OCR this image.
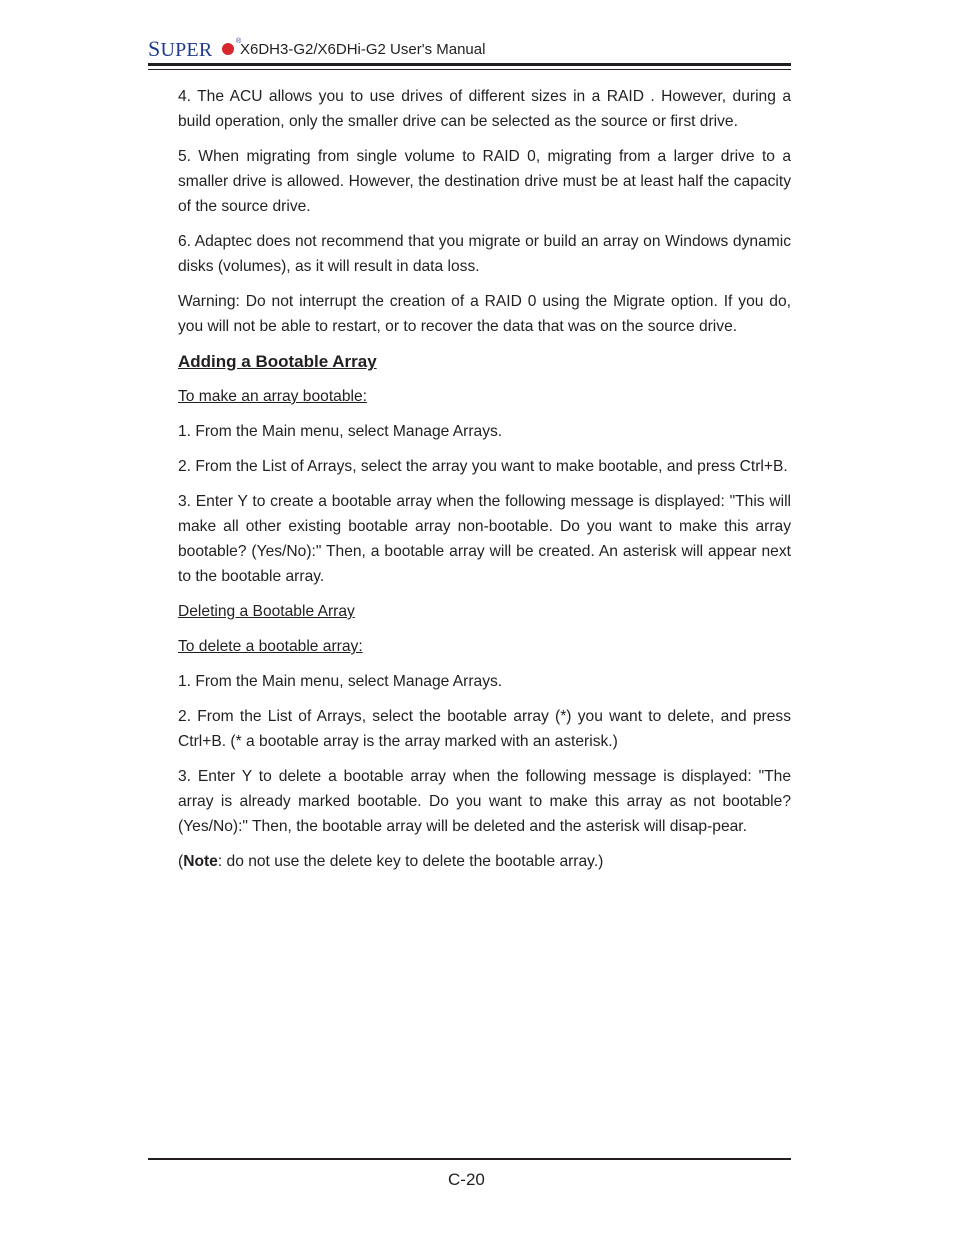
SUPER	®
X6DH3-G2/X6DHi-G2 User's Manual

4. The ACU allows you to use drives of different sizes in a RAID . However, during a build operation, only the smaller drive can be selected as the source or first drive.

5. When migrating from single volume to RAID 0, migrating from a larger drive to a smaller drive is allowed. However, the destination drive must be at least half the capacity of the source drive.

6. Adaptec does not recommend that you migrate or build an array on Windows dynamic disks (volumes), as it will result in data loss.

Warning: Do not interrupt the creation of a RAID 0 using the Migrate option. If you do, you will not be able to restart, or to recover the data that was on the source drive.

Adding a Bootable Array

To make an array bootable:

1. From the Main menu, select Manage Arrays.

2. From the List of Arrays, select the array you want to make bootable, and press Ctrl+B.

3. Enter Y to create a bootable array when the following message is displayed: "This will make all other existing bootable array non-bootable. Do you want to make this array bootable? (Yes/No):" Then, a bootable array will be created. An asterisk will appear next to the bootable array.

Deleting a Bootable Array

To delete a bootable array:

1. From the Main menu, select Manage Arrays.

2. From the List of Arrays, select the bootable array (*) you want to delete, and press Ctrl+B. (* a bootable array is the array marked with an asterisk.)

3. Enter Y to delete a bootable array when the following message is displayed: "The array is already marked bootable. Do you want to make this array as not bootable? (Yes/No):" Then, the bootable array will be deleted and the asterisk will disap-pear.

(Note: do not use the delete key to delete the bootable array.)

C-20
